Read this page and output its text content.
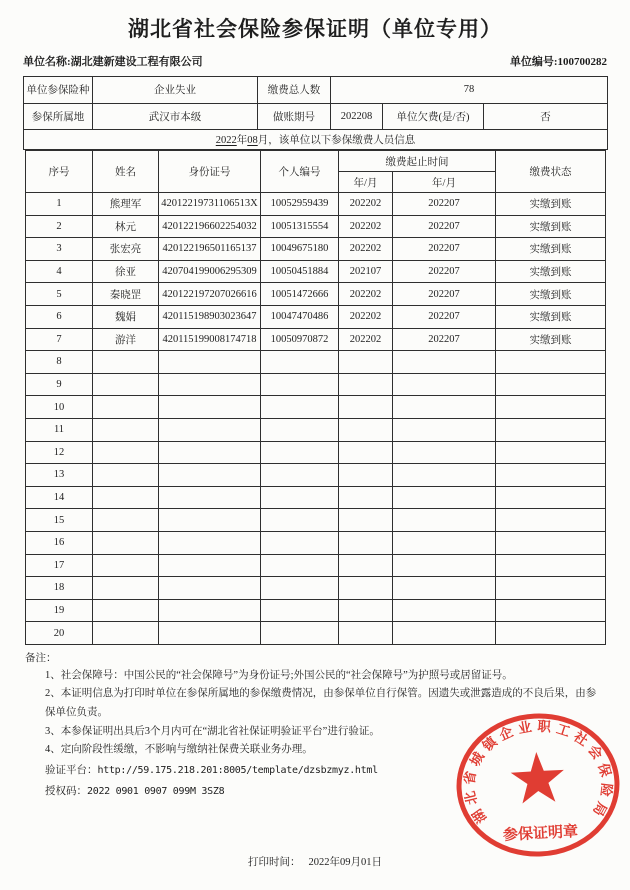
湖北省社会保险参保证明（单位专用）
单位名称:湖北建新建设工程有限公司	单位编号:100700282
单位参保险种	企业失业	缴费总人数	78		
参保所属地	武汉市本级	做账期号	202208	单位欠费(是/否)	否
2022年08月，该单位以下参保缴费人员信息					
序号	姓名	身份证号	个人编号	缴费起止时间		缴费状态
				年/月	年/月	
1	熊理军	42012219731106513X	10052959439	202202	202207	实缴到账
2	林元	420122196602254032	10051315554	202202	202207	实缴到账
3	张宏亮	420122196501165137	10049675180	202202	202207	实缴到账
4	徐亚	420704199006295309	10050451884	202107	202207	实缴到账
5	秦晓罡	420122197207026616	10051472666	202202	202207	实缴到账
6	魏娟	420115198903023647	10047470486	202202	202207	实缴到账
7	游洋	420115199008174718	10050970872	202202	202207	实缴到账
8						
9						
10						
11						
12						
13						
14						
15						
16						
17						
18						
19						
20						
备注：
1、社会保障号：中国公民的“社会保障号”为身份证号;外国公民的“社会保障号”为护照号或居留证号。
2、本证明信息为打印时单位在参保所属地的参保缴费情况，由参保单位自行保管。因遗失或泄露造成的不良后果，由参保单位负责。
3、本参保证明出具后3个月内可在“湖北省社保证明验证平台”进行验证。
4、定向阶段性缓缴，不影响与缴纳社保费关联业务办理。
验证平台：http://59.175.218.201:8005/template/dzsbzmyz.html
授权码：2022 0901 0907 099M 3SZ8
湖北省城镇企业职工社会保险局
参保证明章
打印时间： 2022年09月01日
